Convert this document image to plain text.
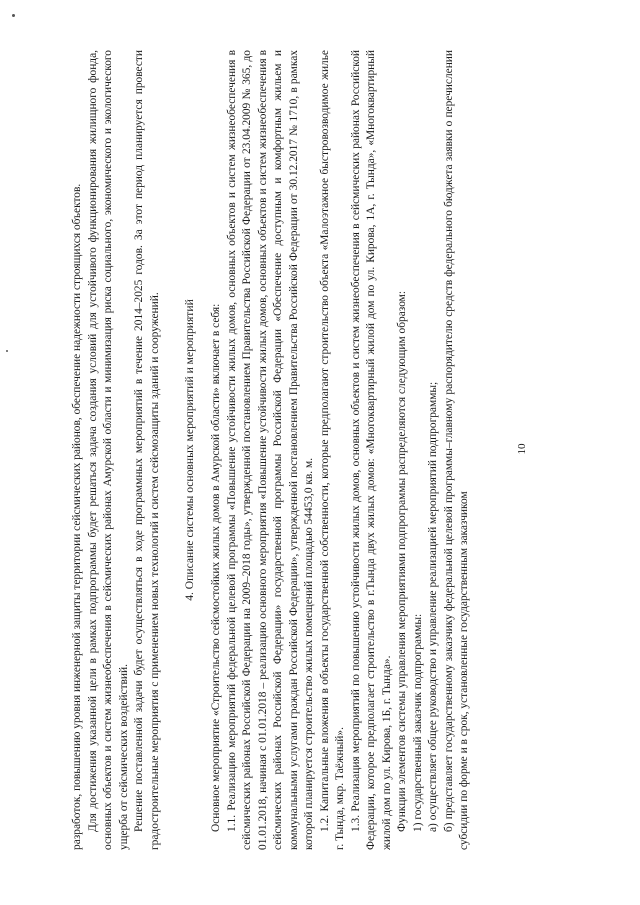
10

разработок, повышению уровня инженерной защиты территории сейсмических районов, обеспечение надежности строящихся объектов. Для достижения указанной цели в рамках подпрограммы будет решаться задача создания условий для устойчивого функционирования жилищного фонда, основных объектов и систем жизнеобеспечения в сейсмических районах Амурской области и минимизация риска социального, экономического и экологического ущерба от сейсмических воздействий. Решение поставленной задачи будет осуществляться в ходе программных мероприятий в течение 2014–2025 годов. За этот период планируется провести градостроительные мероприятия с применением новых технологий и систем сейсмозащиты зданий и сооружений. 4. Описание системы основных мероприятий и мероприятий Основное мероприятие «Строительство сейсмостойких жилых домов в Амурской области» включает в себя: 1.1. Реализацию мероприятий федеральной целевой программы «Повышение устойчивости жилых домов, основных объектов и систем жизнеобеспечения в сейсмических районах Российской Федерации на 2009–2018 годы», утвержденной постановлением Правительства Российской Федерации от 23.04.2009 № 365, до 01.01.2018, начиная с 01.01.2018 – реализацию основного мероприятия «Повышение устойчивости жилых домов, основных объектов и систем жизнеобеспечения в сейсмических районах Российской Федерации» государственной программы Российской Федерации «Обеспечение доступным и комфортным жильем и коммунальными услугами граждан Российской Федерации», утвержденной постановлением Правительства Российской Федерации от 30.12.2017 № 1710, в рамках которой планируется строительство жилых помещений площадью 54453,0 кв. м. 1.2. Капитальные вложения в объекты государственной собственности, которые предполагают строительство объекта «Малоэтажное быстровозводимое жилье г. Тында, мкр. Таёжный». 1.3. Реализация мероприятий по повышению устойчивости жилых домов, основных объектов и систем жизнеобеспечения в сейсмических районах Российской Федерации, которое предполагает строительство в г.Тында двух жилых домов: «Многоквартирный жилой дом по ул. Кирова, 1А, г. Тында», «Многоквартирный жилой дом по ул. Кирова, 1Б, г. Тында». Функции элементов системы управления мероприятиями подпрограммы распределяются следующим образом: 1) государственный заказчик подпрограммы: а) осуществляет общее руководство и управление реализацией мероприятий подпрограммы; б) представляет государственному заказчику федеральной целевой программы–главному распорядителю средств федерального бюджета заявки о перечислении субсидии по форме и в срок, установленные государственным заказчиком
